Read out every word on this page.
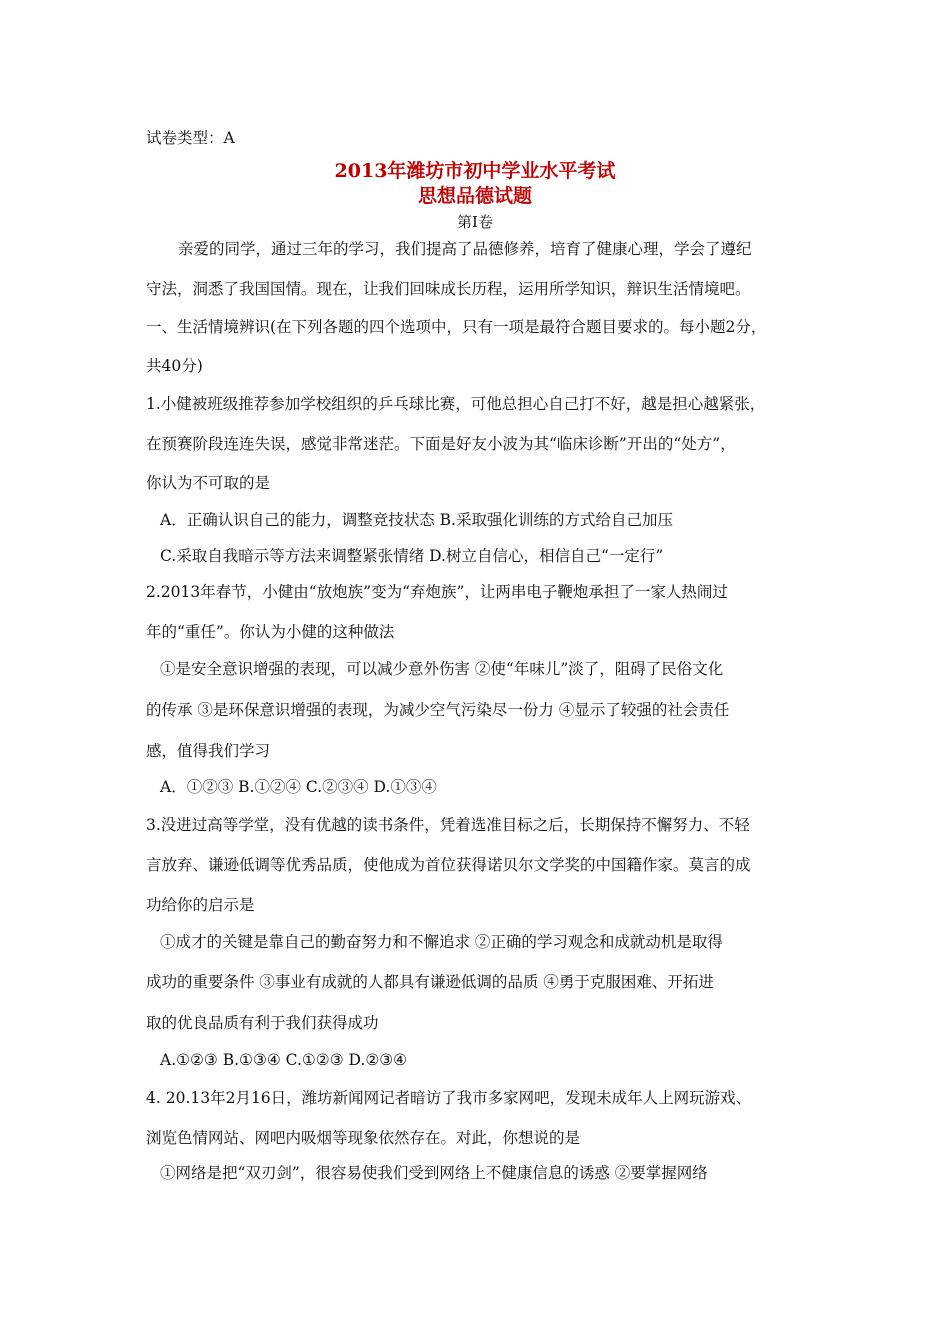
试卷类型：A
2013年潍坊市初中学业水平考试
思想品德试题
第I卷
亲爱的同学，通过三年的学习，我们提高了品德修养，培育了健康心理，学会了遵纪
守法，洞悉了我国国情。现在，让我们回味成长历程，运用所学知识，辩识生活情境吧。
一、生活情境辨识(在下列各题的四个选项中，只有一项是最符合题目要求的。每小题2分，
共40分)
1.小健被班级推荐参加学校组织的乒乓球比赛，可他总担心自己打不好，越是担心越紧张，
在预赛阶段连连失误，感觉非常迷茫。下面是好友小波为其“临床诊断”开出的“处方”，
你认为不可取的是
A．正确认识自己的能力，调整竞技状态 B.采取强化训练的方式给自己加压
C.采取自我暗示等方法来调整紧张情绪 D.树立自信心，相信自己“一定行”
2.2013年春节，小健由“放炮族”变为“弃炮族”，让两串电子鞭炮承担了一家人热闹过
年的“重任”。你认为小健的这种做法
①是安全意识增强的表现，可以减少意外伤害 ②使“年味儿”淡了，阻碍了民俗文化
的传承 ③是环保意识增强的表现，为减少空气污染尽一份力 ④显示了较强的社会责任
感，值得我们学习
A．①②③ B.①②④ C.②③④ D.①③④
3.没进过高等学堂，没有优越的读书条件，凭着选准目标之后，长期保持不懈努力、不轻
言放弃、谦逊低调等优秀品质，使他成为首位获得诺贝尔文学奖的中国籍作家。莫言的成
功给你的启示是
①成才的关键是靠自己的勤奋努力和不懈追求 ②正确的学习观念和成就动机是取得
成功的重要条件 ③事业有成就的人都具有谦逊低调的品质 ④勇于克服困难、开拓进
取的优良品质有利于我们获得成功
A.①②③ B.①③④ C.①②③ D.②③④
4. 20.13年2月16日，潍坊新闻网记者暗访了我市多家网吧，发现未成年人上网玩游戏、
浏览色情网站、网吧内吸烟等现象依然存在。对此，你想说的是
①网络是把“双刃剑”，很容易使我们受到网络上不健康信息的诱惑 ②要掌握网络
